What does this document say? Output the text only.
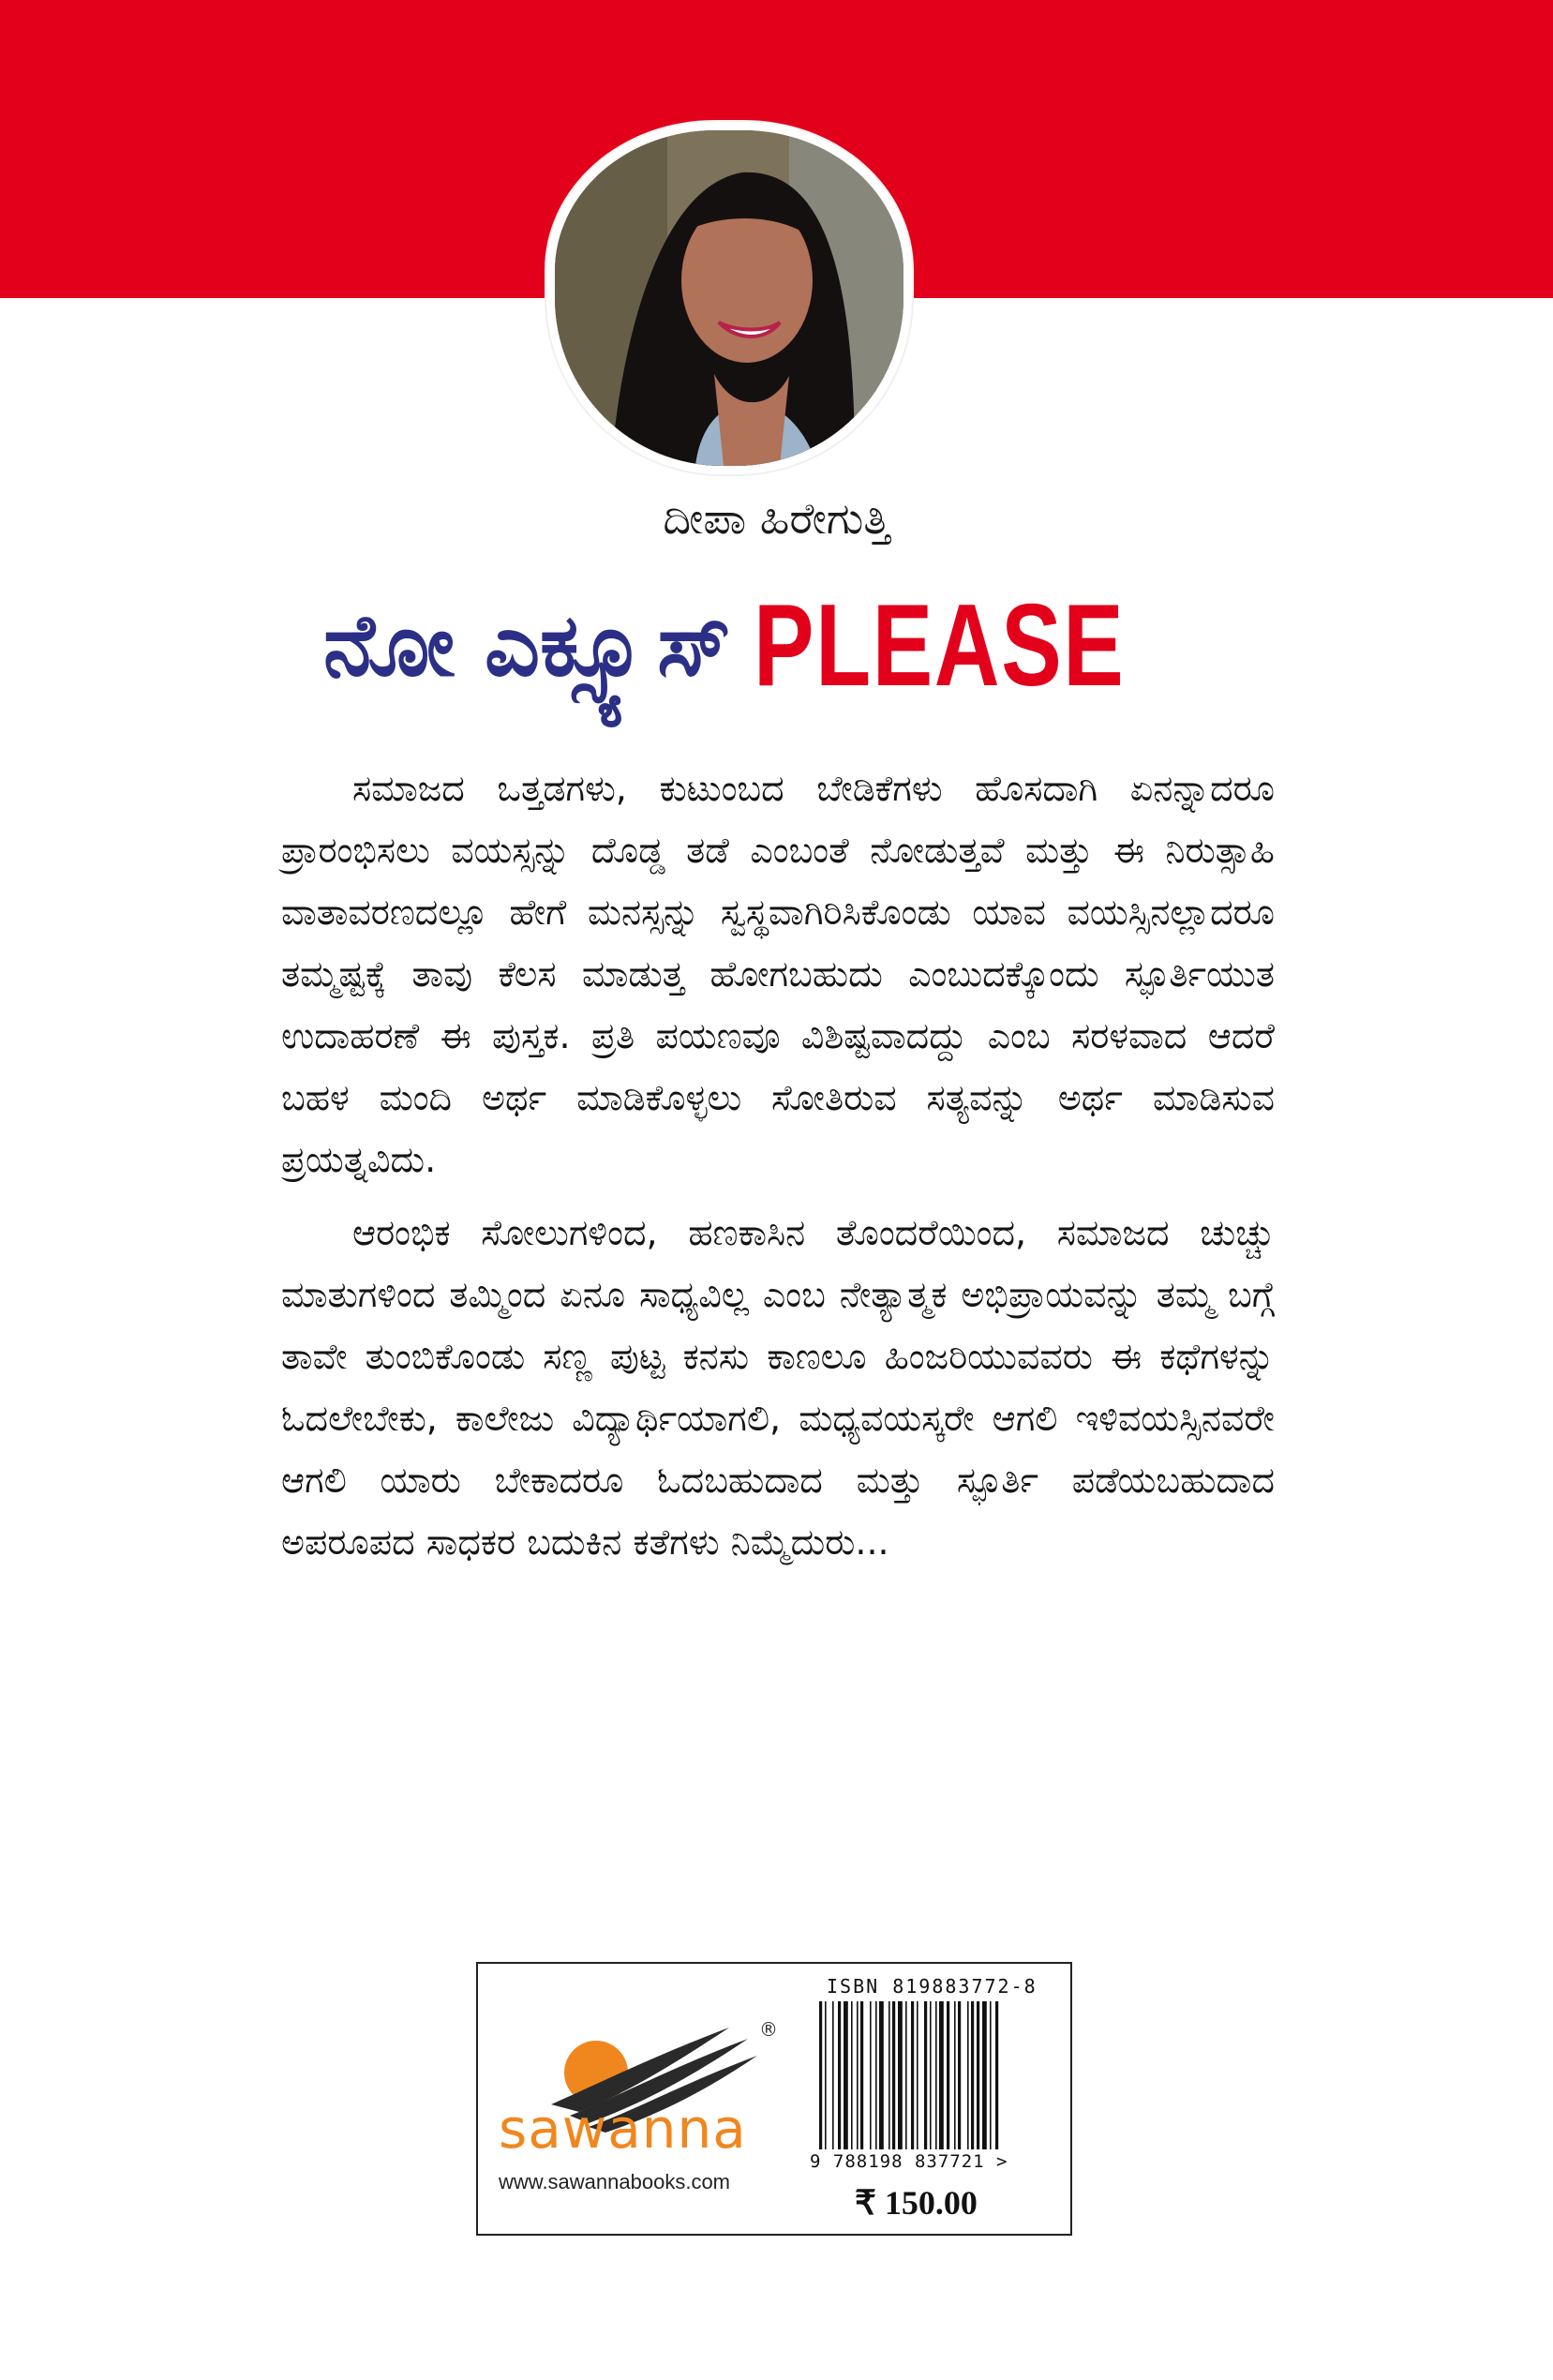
ದೀಪಾ ಹಿರೇಗುತ್ತಿ
ನೋ ಎಕ್ಸ್ಯೂಸ್ PLEASE

ಸಮಾಜದ ಒತ್ತಡಗಳು, ಕುಟುಂಬದ ಬೇಡಿಕೆಗಳು ಹೊಸದಾಗಿ ಏನನ್ನಾದರೂ ಪ್ರಾರಂಭಿಸಲು ವಯಸ್ಸನ್ನು ದೊಡ್ಡ ತಡೆ ಎಂಬಂತೆ ನೋಡುತ್ತವೆ ಮತ್ತು ಈ ನಿರುತ್ಸಾಹಿ ವಾತಾವರಣದಲ್ಲೂ ಹೇಗೆ ಮನಸ್ಸನ್ನು ಸ್ವಸ್ಥವಾಗಿರಿಸಿಕೊಂಡು ಯಾವ ವಯಸ್ಸಿನಲ್ಲಾದರೂ ತಮ್ಮಷ್ಟಕ್ಕೆ ತಾವು ಕೆಲಸ ಮಾಡುತ್ತ ಹೋಗಬಹುದು ಎಂಬುದಕ್ಕೊಂದು ಸ್ಫೂರ್ತಿಯುತ ಉದಾಹರಣೆ ಈ ಪುಸ್ತಕ. ಪ್ರತಿ ಪಯಣವೂ ವಿಶಿಷ್ಟವಾದದ್ದು ಎಂಬ ಸರಳವಾದ ಆದರೆ ಬಹಳ ಮಂದಿ ಅರ್ಥ ಮಾಡಿಕೊಳ್ಳಲು ಸೋತಿರುವ ಸತ್ಯವನ್ನು ಅರ್ಥ ಮಾಡಿಸುವ ಪ್ರಯತ್ನವಿದು.

ಆರಂಭಿಕ ಸೋಲುಗಳಿಂದ, ಹಣಕಾಸಿನ ತೊಂದರೆಯಿಂದ, ಸಮಾಜದ ಚುಚ್ಚು ಮಾತುಗಳಿಂದ ತಮ್ಮಿಂದ ಏನೂ ಸಾಧ್ಯವಿಲ್ಲ ಎಂಬ ನೇತ್ಯಾತ್ಮಕ ಅಭಿಪ್ರಾಯವನ್ನು ತಮ್ಮ ಬಗ್ಗೆ ತಾವೇ ತುಂಬಿಕೊಂಡು ಸಣ್ಣ ಪುಟ್ಟ ಕನಸು ಕಾಣಲೂ ಹಿಂಜರಿಯುವವರು ಈ ಕಥೆಗಳನ್ನು ಓದಲೇಬೇಕು, ಕಾಲೇಜು ವಿದ್ಯಾರ್ಥಿಯಾಗಲಿ, ಮಧ್ಯವಯಸ್ಕರೇ ಆಗಲಿ ಇಳಿವಯಸ್ಸಿನವರೇ ಆಗಲಿ ಯಾರು ಬೇಕಾದರೂ ಓದಬಹುದಾದ ಮತ್ತು ಸ್ಫೂರ್ತಿ ಪಡೆಯಬಹುದಾದ ಅಪರೂಪದ ಸಾಧಕರ ಬದುಕಿನ ಕತೆಗಳು ನಿಮ್ಮೆದುರು...

®
sawanna
www.sawannabooks.com
ISBN 819883772-8
9 788198 837721 >
₹ 150.00
